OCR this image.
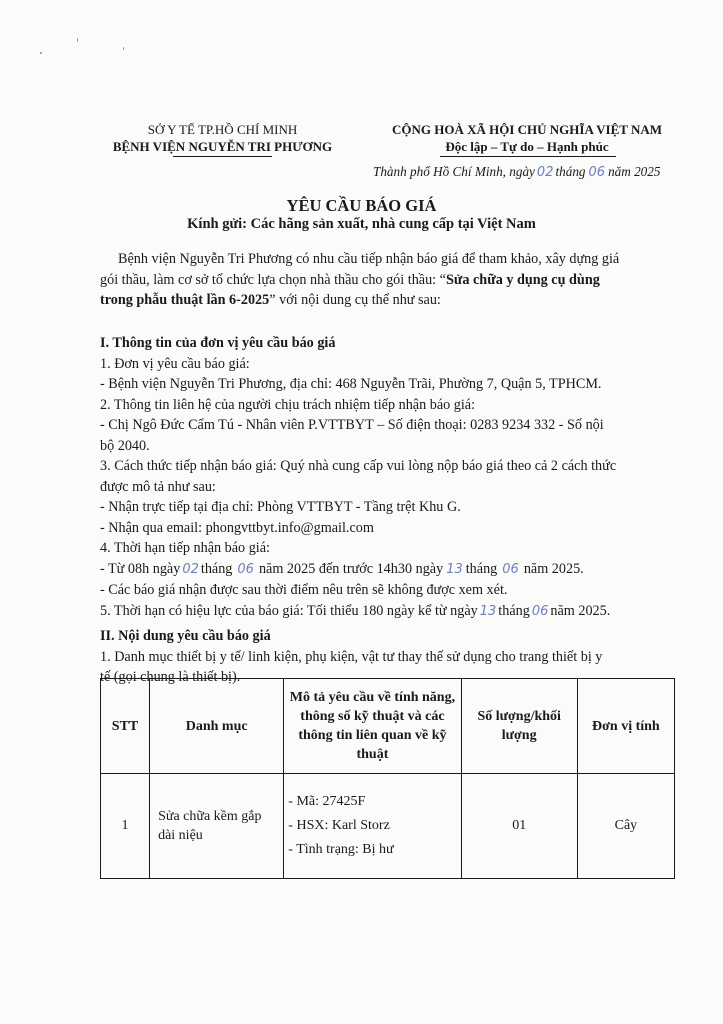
SỞ Y TẾ TP.HỒ CHÍ MINH
BỆNH VIỆN NGUYỄN TRI PHƯƠNG
CỘNG HOÀ XÃ HỘI CHỦ NGHĨA VIỆT NAM
Độc lập – Tự do – Hạnh phúc
Thành phố Hồ Chí Minh, ngày 02 tháng 06 năm 2025
YÊU CẦU BÁO GIÁ
Kính gửi: Các hãng sản xuất, nhà cung cấp tại Việt Nam
Bệnh viện Nguyễn Tri Phương có nhu cầu tiếp nhận báo giá để tham khảo, xây dựng giá
gói thầu, làm cơ sở tổ chức lựa chọn nhà thầu cho gói thầu: “Sửa chữa y dụng cụ dùng
trong phẫu thuật lần 6-2025” với nội dung cụ thể như sau:
I. Thông tin của đơn vị yêu cầu báo giá
1. Đơn vị yêu cầu báo giá:
- Bệnh viện Nguyễn Tri Phương, địa chỉ: 468 Nguyễn Trãi, Phường 7, Quận 5, TPHCM.
2. Thông tin liên hệ của người chịu trách nhiệm tiếp nhận báo giá:
- Chị Ngô Đức Cẩm Tú - Nhân viên P.VTTBYT – Số điện thoại: 0283 9234 332 - Số nội
bộ 2040.
3. Cách thức tiếp nhận báo giá: Quý nhà cung cấp vui lòng nộp báo giá theo cả 2 cách thức
được mô tả như sau:
- Nhận trực tiếp tại địa chỉ: Phòng VTTBYT - Tầng trệt Khu G.
- Nhận qua email: phongvttbyt.info@gmail.com
4. Thời hạn tiếp nhận báo giá:
- Từ 08h ngày 02 tháng 06 năm 2025 đến trước 14h30 ngày 13 tháng 06 năm 2025.
- Các báo giá nhận được sau thời điểm nêu trên sẽ không được xem xét.
5. Thời hạn có hiệu lực của báo giá: Tối thiểu 180 ngày kể từ ngày 13 tháng 06 năm 2025.
II. Nội dung yêu cầu báo giá
1. Danh mục thiết bị y tế/ linh kiện, phụ kiện, vật tư thay thế sử dụng cho trang thiết bị y
tế (gọi chung là thiết bị).
STT	Danh mục	Mô tả yêu cầu về tính năng, thông số kỹ thuật và các thông tin liên quan về kỹ thuật	Số lượng/khối lượng	Đơn vị tính
1	Sửa chữa kềm gắp dài niệu	- Mã: 27425F
- HSX: Karl Storz
- Tình trạng: Bị hư	01	Cây
